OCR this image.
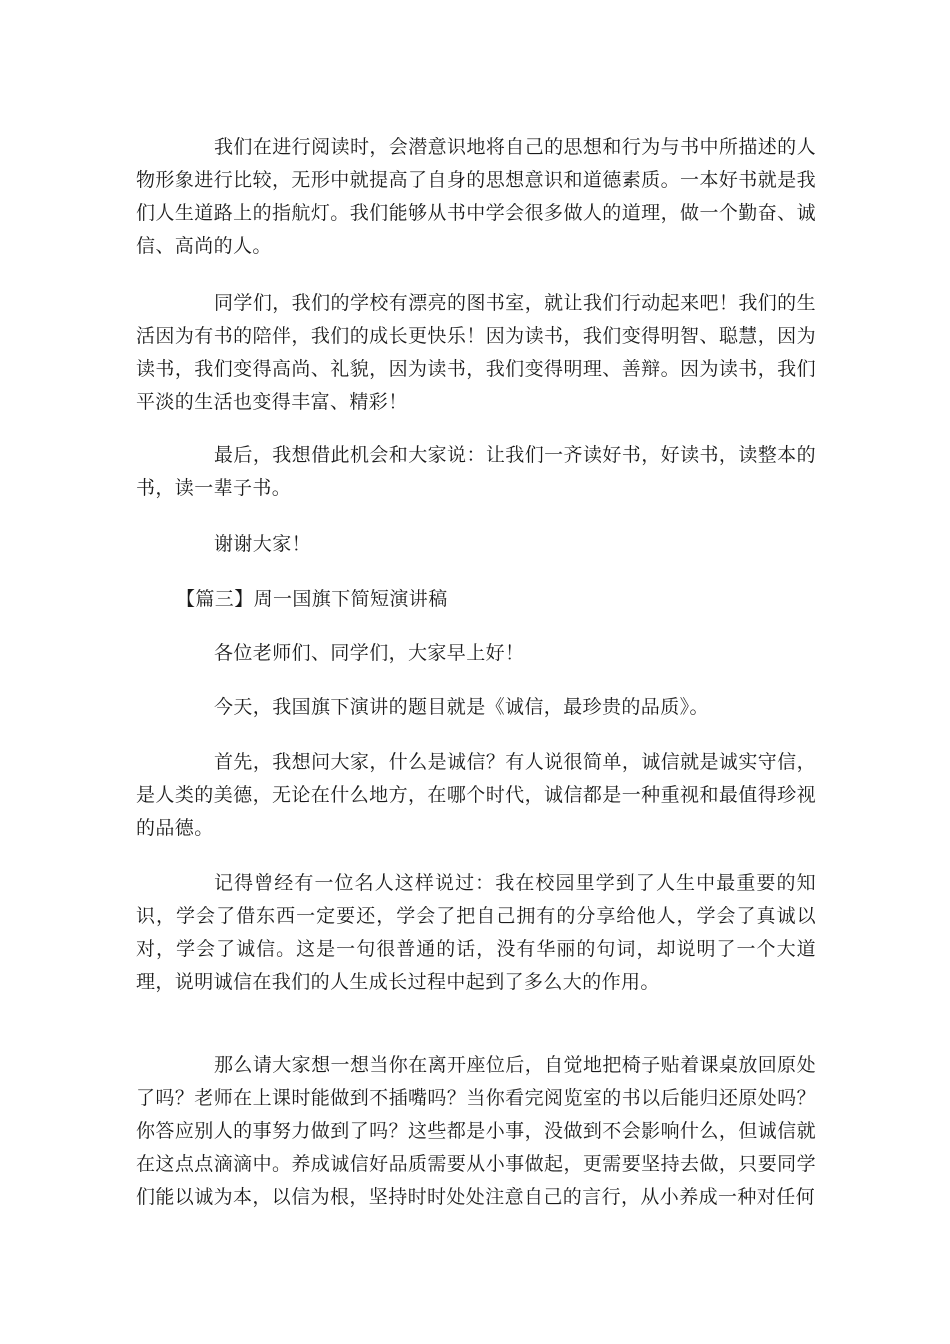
我们在进行阅读时，会潜意识地将自己的思想和行为与书中所描述的人物形象进行比较，无形中就提高了自身的思想意识和道德素质。一本好书就是我们人生道路上的指航灯。我们能够从书中学会很多做人的道理，做一个勤奋、诚信、高尚的人。

同学们，我们的学校有漂亮的图书室，就让我们行动起来吧！我们的生活因为有书的陪伴，我们的成长更快乐！因为读书，我们变得明智、聪慧，因为读书，我们变得高尚、礼貌，因为读书，我们变得明理、善辩。因为读书，我们平淡的生活也变得丰富、精彩！

最后，我想借此机会和大家说：让我们一齐读好书，好读书，读整本的书，读一辈子书。

谢谢大家！

【篇三】周一国旗下简短演讲稿

各位老师们、同学们，大家早上好！

今天，我国旗下演讲的题目就是《诚信，最珍贵的品质》。

首先，我想问大家，什么是诚信？有人说很简单，诚信就是诚实守信，是人类的美德，无论在什么地方，在哪个时代，诚信都是一种重视和最值得珍视的品德。

记得曾经有一位名人这样说过：我在校园里学到了人生中最重要的知识，学会了借东西一定要还，学会了把自己拥有的分享给他人，学会了真诚以对，学会了诚信。这是一句很普通的话，没有华丽的句词，却说明了一个大道理，说明诚信在我们的人生成长过程中起到了多么大的作用。

那么请大家想一想当你在离开座位后，自觉地把椅子贴着课桌放回原处了吗？老师在上课时能做到不插嘴吗？当你看完阅览室的书以后能归还原处吗？你答应别人的事努力做到了吗？这些都是小事，没做到不会影响什么，但诚信就在这点点滴滴中。养成诚信好品质需要从小事做起，更需要坚持去做，只要同学们能以诚为本，以信为根，坚持时时处处注意自己的言行，从小养成一种对任何
